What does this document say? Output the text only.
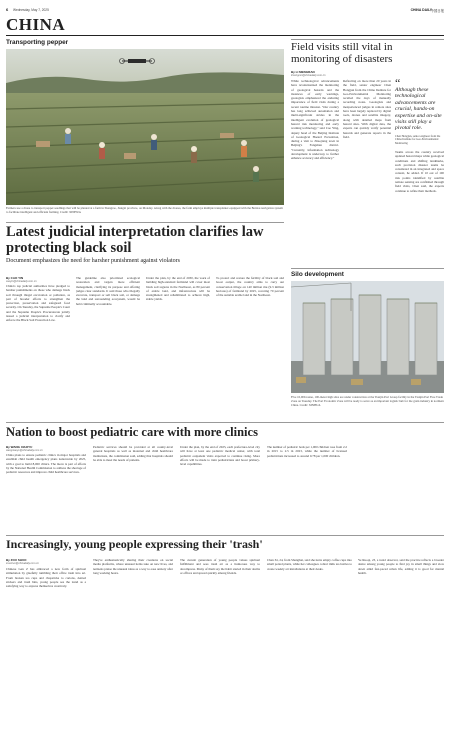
6 Wednesday, May 7, 2025	CHINA DAILY
中国日报
CHINA
Transporting pepper
Farmers use a drone to transport pepper seedlings that will be planted at a farm in Shangrao, Jiangxi province, on Monday. Along with the drones, the farm employs multiple transplanter equipped with the Beidou navigation system to facilitate intelligent and efficient farming. Credit: XINHUA
Field visits still vital in monitoring of disasters
By LI MENGRAN
limengran@chinadaily.com.cn
While technological advancements have revolutionized the monitoring of geological hazards and the instances of early warnings, geologists emphasized the enduring importance of field visits during a recent routine mission. "Our country has long achieved automation and multi-significant strides in the intelligent evolution of geological hazard risk monitoring and early warning technology," said Cao Ying, deputy head of the Beijing Institute of Geological Hazard Prevention, during a visit to Zhaojiang town in Beijing's Fangshan district. "Currently, information technology development is underway to further enhance accuracy and efficiency."
Reflecting on more than 20 years in the field, senior engineer Chen Hongjun from the China Institute for Geo-Environmental Monitoring recalled the days of manually recording notes. Geologists and inexperienced judges in remote sites have been largely replaced by digital tools, drones and satellite imagery, along with detailed maps from hazard sites. With digital data, the experts can quickly verify potential hazards and generate reports in the field.
“
Although these technological advancements are crucial, hands-on expertise and on-site visits still play a pivotal role.
Chen Hongjun, senior engineer from the China Institute for Geo-Environmental Monitoring
Teams across the country received updated hazard maps while geological conditions and shifting landmarks, such precision disaster teams be considered in an integrated and space context, he added. If 10 out of 100 risk points identified by satellite remote sensing are confirmed through field visits, Chen said, the experts continue to refine their methods.
Latest judicial interpretation clarifies law protecting black soil
Document emphasizes the need for harsher punishment against violators
By CAO YIN
caoyin@chinadaily.com.cn
China's top judicial authorities have pledged to harsher punishments on those who damage black soil through illegal excavation or pollution, as part of broader efforts to strengthen the protection, preservation and safeguard food security. On Tuesday, the Supreme People's Court and the Supreme People's Procuratorate jointly issued a judicial interpretation to clarify and enforce the Black Soil Protection Law.
The guideline also prioritized ecological restoration and targets more efficient management, clarifying its purpose and offering judges clear standards. It said those who illegally excavate, transport or sell black soil, or damage the land and surrounding ecosystem, would be held criminally accountable.
Under the plan, by the end of 2030, the work of building high-standard farmland will cover most black soil regions in the Northeast, as 80 percent of arable land, and infrastructure will be strengthened and rehabilitated to achieve high, stable yields.
To protect and restore the fertility of black soil and boost output, the country aims to carry out conservation tillage on 140 million mu (9.3 million hectares) of farmland by 2025, covering 70 percent of the suitable arable land in the Northeast.
Silo development
Five 10,000-tonne, 100-meter high silos are under construction at the Tianjin Port Group facility in the Tianjin Port Free Trade Zone on Tuesday. The Port Economic Zone will be ready to serve as an important logistic hub for the grain industry in northern China. Credit: XINHUA
Nation to boost pediatric care with more clinics
By WANG XIAOYU
wangxiaoyu@chinadaily.com.cn
China plans to ensure pediatric clinics in major hospitals and establish child health emergency plans nationwide by 2025, with a goal to build 8,000 clinics. The move is part of efforts by the National Health Commission to address the shortage of pediatric resources and improve child healthcare services.
Pediatric services should be provided at all county-level general hospitals as well as maternal and child healthcare institutions, the commission said, adding that hospitals should be able to meet the needs of patients.
Under the plan, by the end of 2025, each prefecture-level city will have at least one pediatric medical center, with total pediatric outpatient visits expected to continue rising. More efforts will be made to train pediatricians and boost primary-level capabilities.
The number of pediatric beds per 1,000 children rose from 2.2 in 2015 to 2.5 in 2023, while the number of licensed pediatricians increased to around 0.78 per 1,000 children.
Increasingly, young people expressing their 'trash'
By ZOU SHUO
zoushuo@chinadaily.com.cn
Chinese Gen Z has embraced a new form of spiritual stimulation by gleefully tumbling their office trash into art. From broken tea cups and chopsticks to cartons, dented stickers and trash bins, young people see the trend as a satisfying way to express themselves creatively.
They're enthusiastically sharing their creations on social media platforms, where unusual items take on new lives, and netizens praise the unusual ideas as a way to ease anxiety after long working hours.
The current generation of young people values spiritual fulfillment and sees trash art as a humorous way to decompress. Many of them say the habit started in their dorms or offices and spread quickly among friends.
Chen Xi, 24, from Shanghai, said she turns empty coffee cups into small potted plants, while her colleagues collect milk tea bottles to create weekly art installations at their desks.
Ye Ruoqi, 23, a trend observer, said the practice reflects a broader desire among young people to find joy in small things and slow down amid fast-paced urban life, adding it is good for mental health.
